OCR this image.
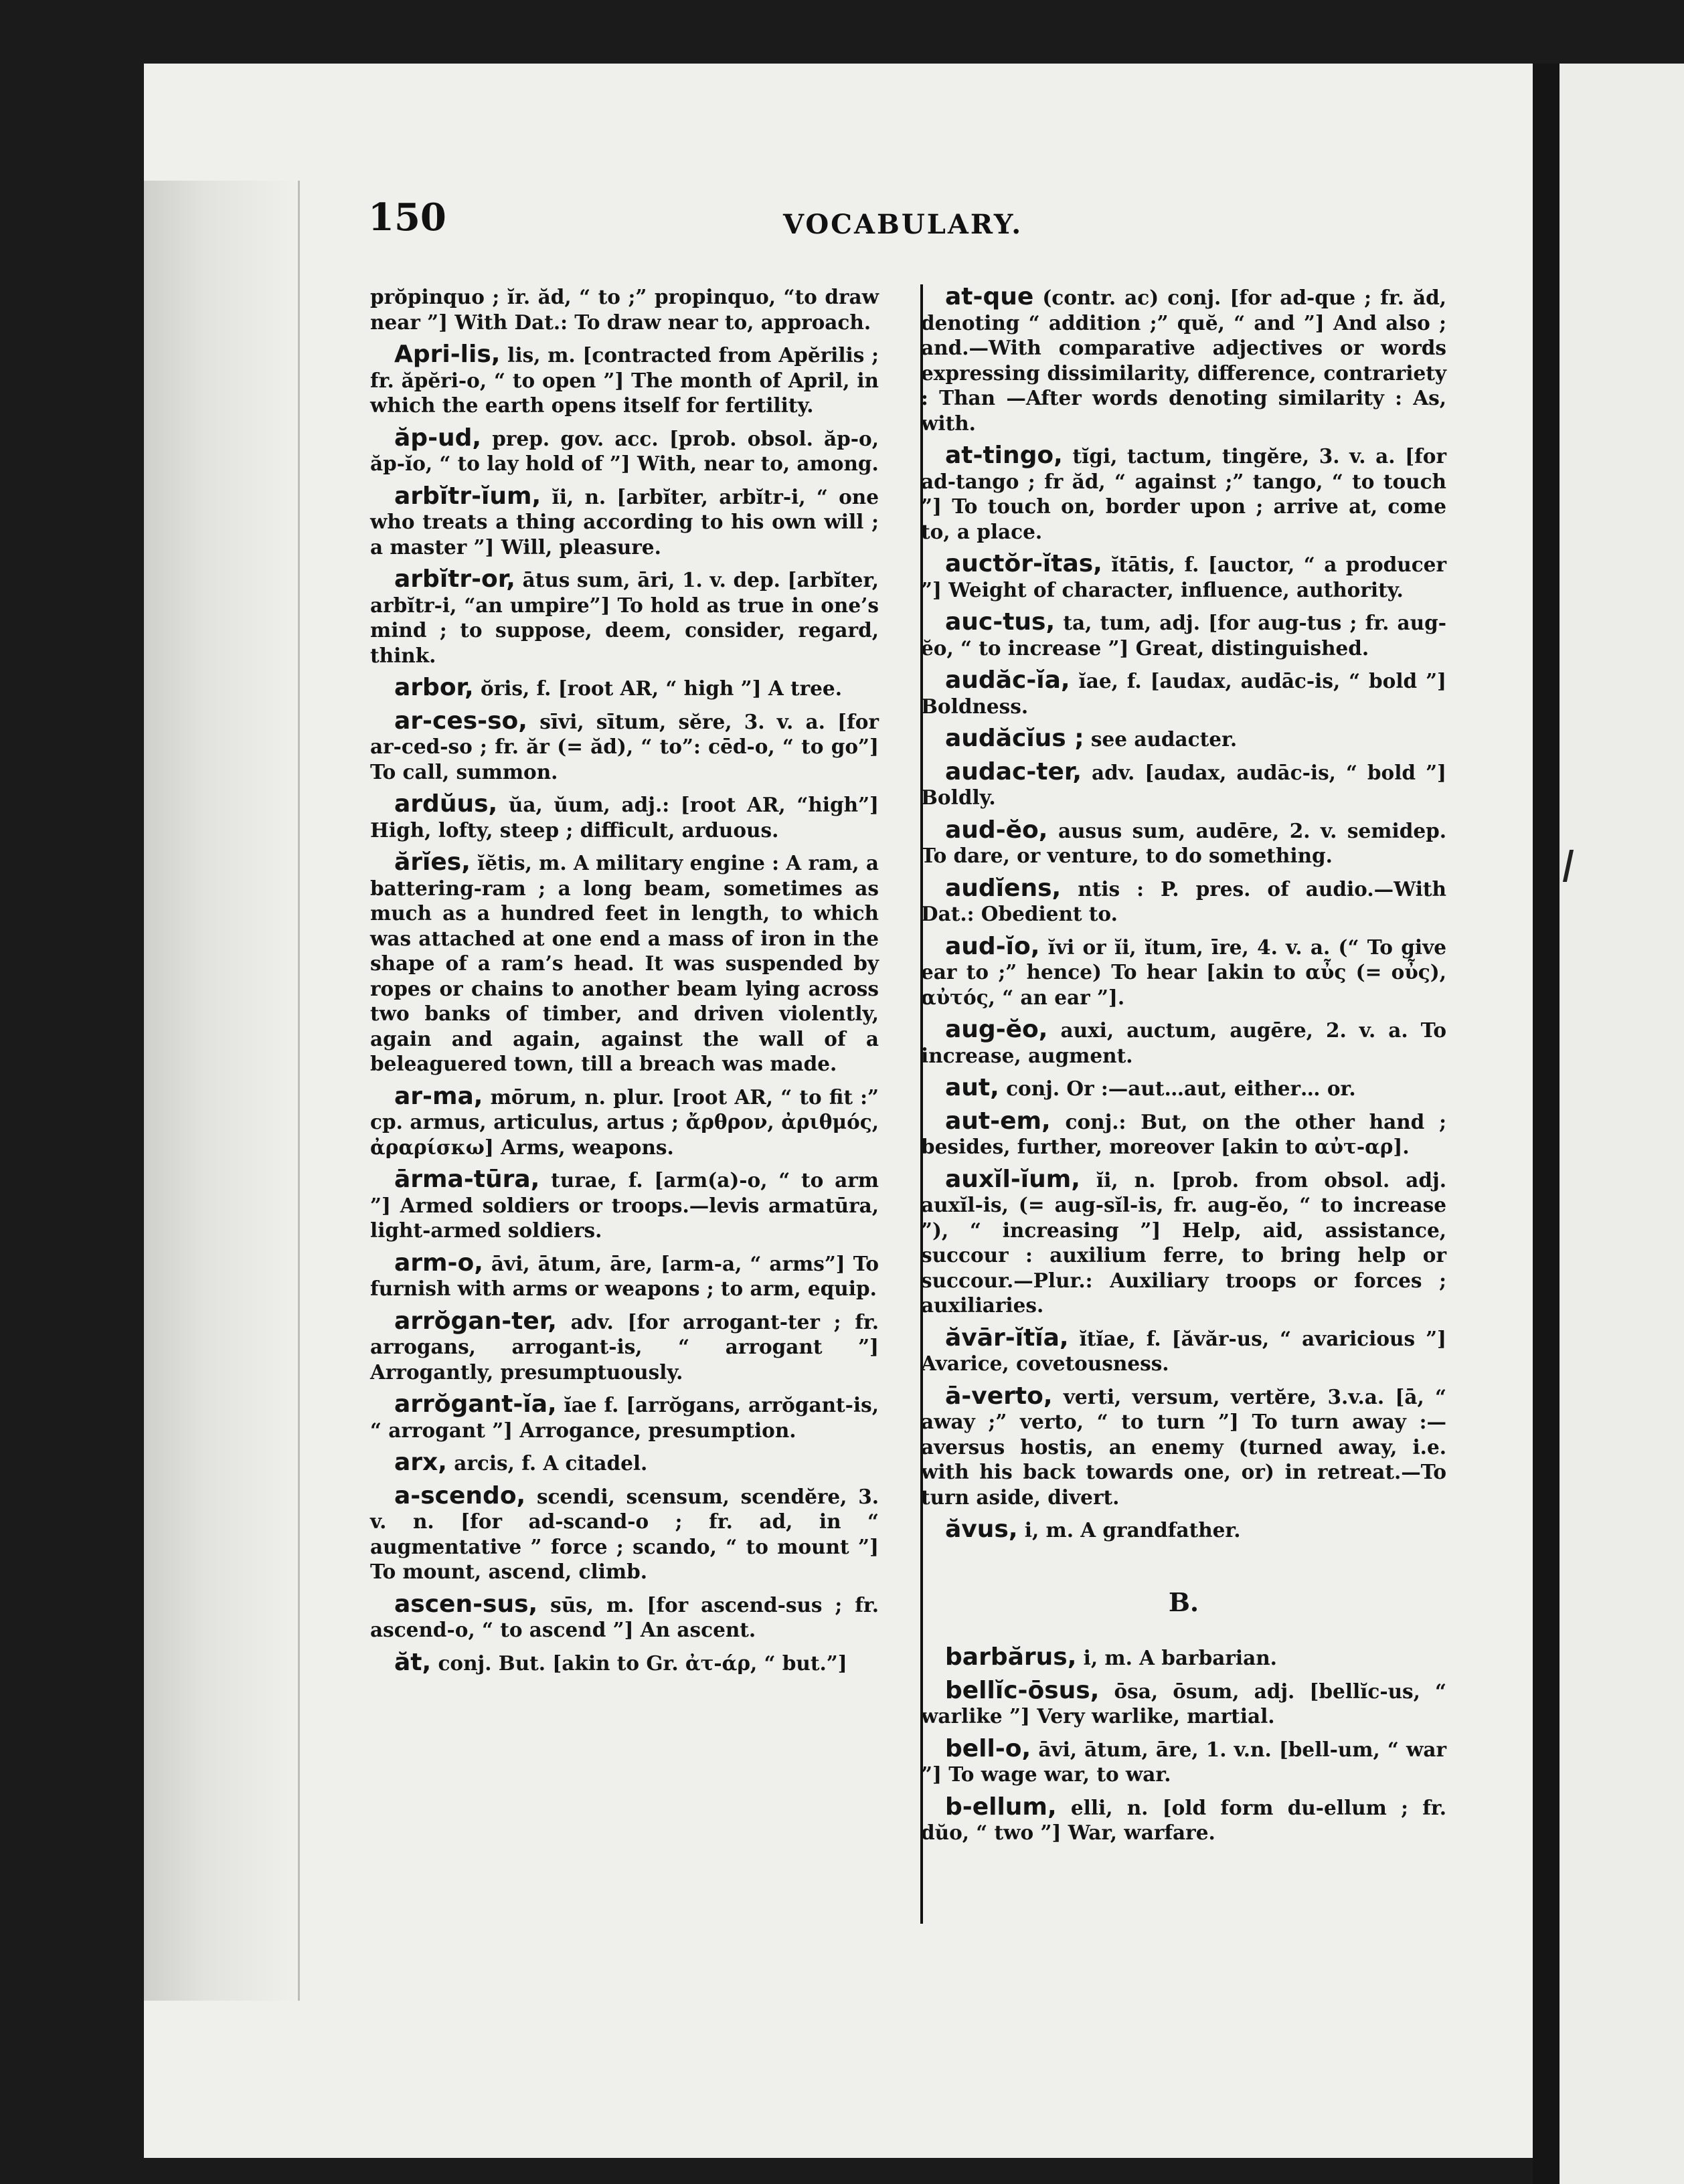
150	VOCABULARY.
prŏpinquo ; ĭr. ăd, “ to ;” propinquo, “to draw near ”] With Dat.: To draw near to, approach.
Apri-lis, lis, m. [contracted from Apĕrilis ; fr. ăpĕri-o, “ to open ”] The month of April, in which the earth opens itself for fertility.
ăp-ud, prep. gov. acc. [prob. obsol. ăp-o, ăp-ĭo, “ to lay hold of ”] With, near to, among.
arbĭtr-ĭum, ĭi, n. [arbĭter, arbĭtr-i, “ one who treats a thing according to his own will ; a master ”] Will, pleasure.
arbĭtr-or, ātus sum, āri, 1. v. dep. [arbĭter, arbĭtr-i, “an umpire”] To hold as true in one’s mind ; to suppose, deem, consider, regard, think.
arbor, ŏris, f. [root AR, “ high ”] A tree.
ar-ces-so, sīvi, sītum, sĕre, 3. v. a. [for ar-ced-so ; fr. ăr (= ăd), “ to”: cēd-o, “ to go”] To call, summon.
ardŭus, ŭa, ŭum, adj.: [root AR, “high”] High, lofty, steep ; difficult, arduous.
ărĭes, ĭĕtis, m. A military engine : A ram, a battering-ram ; a long beam, sometimes as much as a hundred feet in length, to which was attached at one end a mass of iron in the shape of a ram’s head. It was suspended by ropes or chains to another beam lying across two banks of timber, and driven violently, again and again, against the wall of a beleaguered town, till a breach was made.
ar-ma, mōrum, n. plur. [root AR, “ to fit :” cp. armus, articulus, artus ; ἄρθρον, ἀριθμός, ἀραρίσκω] Arms, weapons.
ārma-tūra, turae, f. [arm(a)-o, “ to arm ”] Armed soldiers or troops.—levis armatūra, light-armed soldiers.
arm-o, āvi, ātum, āre, [arm-a, “ arms”] To furnish with arms or weapons ; to arm, equip.
arrŏgan-ter, adv. [for arrogant-ter ; fr. arrogans, arrogant-is, “ arrogant ”] Arrogantly, presumptuously.
arrŏgant-ĭa, ĭae f. [arrŏgans, arrŏgant-is, “ arrogant ”] Arrogance, presumption.
arx, arcis, f. A citadel.
a-scendo, scendi, scensum, scendĕre, 3. v. n. [for ad-scand-o ; fr. ad, in “ augmentative ” force ; scando, “ to mount ”] To mount, ascend, climb.
ascen-sus, sūs, m. [for ascend-sus ; fr. ascend-o, “ to ascend ”] An ascent.
ăt, conj. But. [akin to Gr. ἀτ-άρ, “ but.”]
at-que (contr. ac) conj. [for ad-que ; fr. ăd, denoting “ addition ;” quĕ, “ and ”] And also ; and.—With comparative adjectives or words expressing dissimilarity, difference, contrariety : Than —After words denoting similarity : As, with.
at-tingo, tĭgi, tactum, tingĕre, 3. v. a. [for ad-tango ; fr ăd, “ against ;” tango, “ to touch ”] To touch on, border upon ; arrive at, come to, a place.
auctŏr-ĭtas, ĭtātis, f. [auctor, “ a producer ”] Weight of character, influence, authority.
auc-tus, ta, tum, adj. [for aug-tus ; fr. aug-ĕo, “ to increase ”] Great, distinguished.
audăc-ĭa, ĭae, f. [audax, audāc-is, “ bold ”] Boldness.
audăcĭus ; see audacter.
audac-ter, adv. [audax, audāc-is, “ bold ”] Boldly.
aud-ĕo, ausus sum, audēre, 2. v. semidep. To dare, or venture, to do something.
audĭens, ntis : P. pres. of audio.—With Dat.: Obedient to.
aud-ĭo, ĭvi or ĭi, ĭtum, īre, 4. v. a. (“ To give ear to ;” hence) To hear [akin to αὖς (= οὖς), αὐτός, “ an ear ”].
aug-ĕo, auxi, auctum, augēre, 2. v. a. To increase, augment.
aut, conj. Or :—aut…aut, either… or.
aut-em, conj.: But, on the other hand ; besides, further, moreover [akin to αὐτ-αρ].
auxĭl-ĭum, ĭi, n. [prob. from obsol. adj. auxĭl-is, (= aug-sĭl-is, fr. aug-ĕo, “ to increase ”), “ increasing ”] Help, aid, assistance, succour : auxilium ferre, to bring help or succour.—Plur.: Auxiliary troops or forces ; auxiliaries.
ăvār-ĭtĭa, ĭtĭae, f. [ăvăr-us, “ avaricious ”] Avarice, covetousness.
ā-verto, verti, versum, vertĕre, 3.v.a. [ā, “ away ;” verto, “ to turn ”] To turn away :—aversus hostis, an enemy (turned away, i.e. with his back towards one, or) in retreat.—To turn aside, divert.
ăvus, i, m. A grandfather.
B.
barbărus, i, m. A barbarian.
bellĭc-ōsus, ōsa, ōsum, adj. [bellĭc-us, “ warlike ”] Very warlike, martial.
bell-o, āvi, ātum, āre, 1. v.n. [bell-um, “ war ”] To wage war, to war.
b-ellum, elli, n. [old form du-ellum ; fr. dŭo, “ two ”] War, warfare.
